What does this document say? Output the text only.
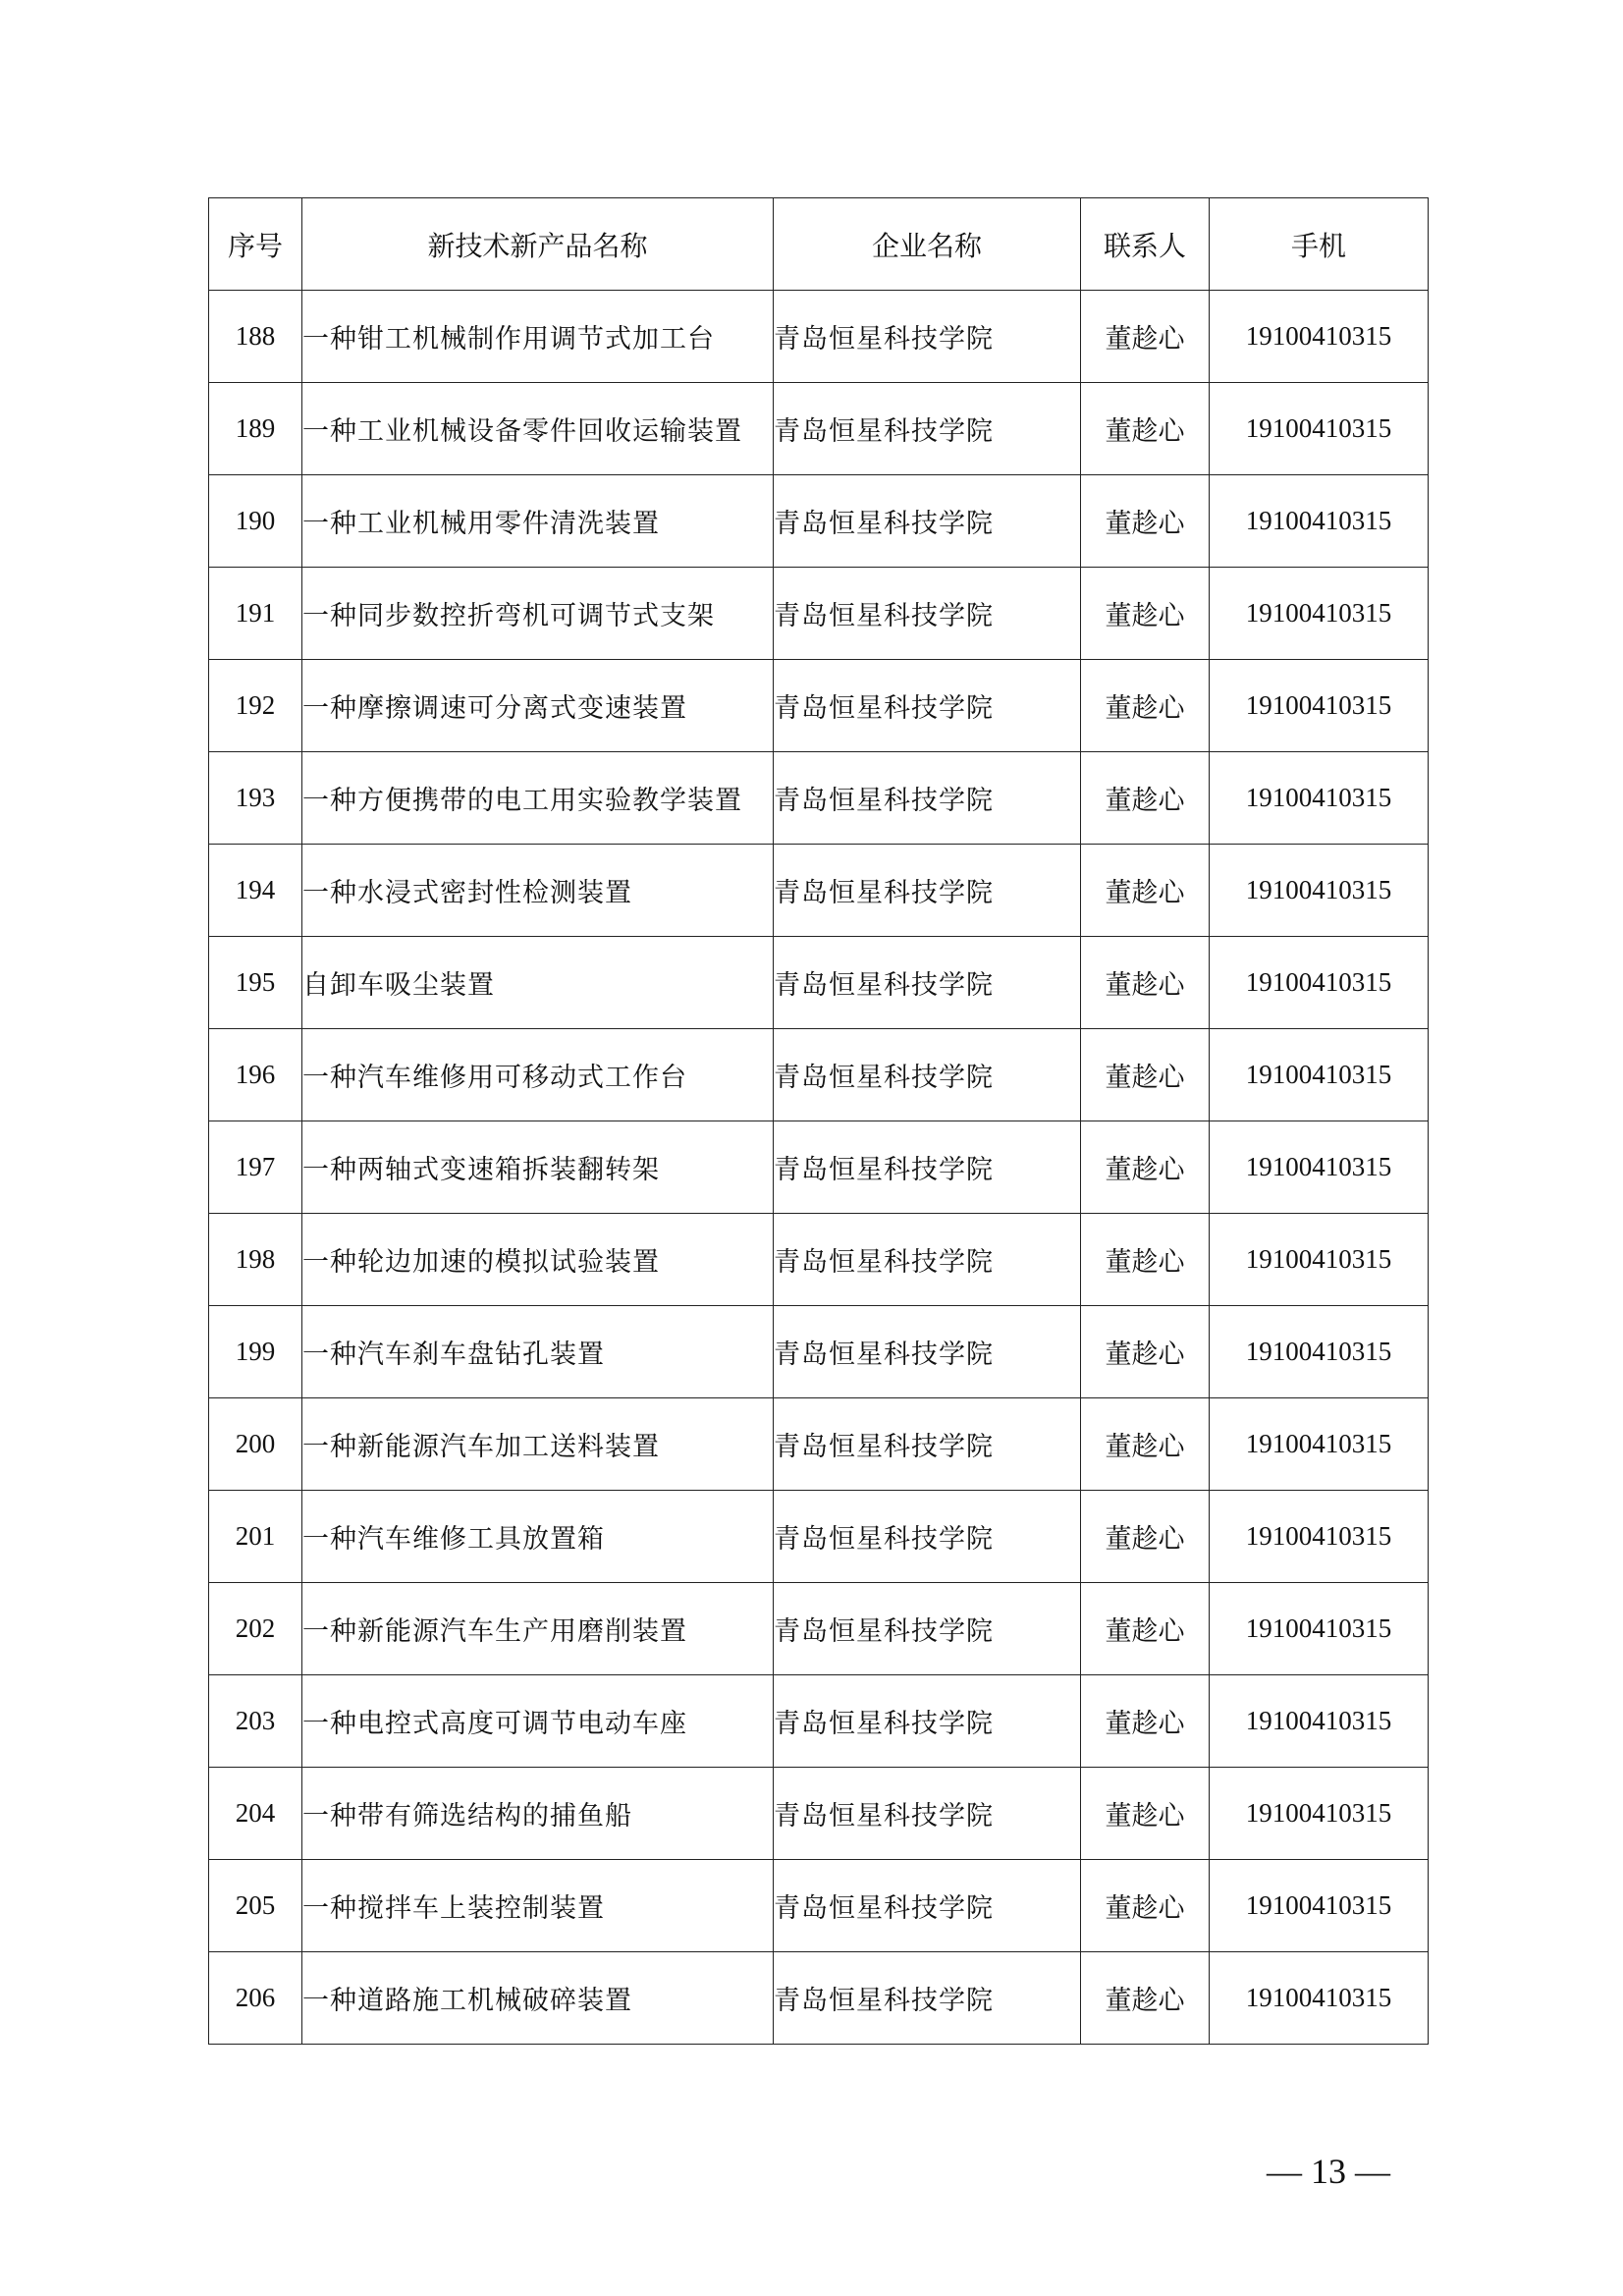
序号	新技术新产品名称	企业名称	联系人	手机
188	一种钳工机械制作用调节式加工台	青岛恒星科技学院	董趁心	19100410315
189	一种工业机械设备零件回收运输装置	青岛恒星科技学院	董趁心	19100410315
190	一种工业机械用零件清洗装置	青岛恒星科技学院	董趁心	19100410315
191	一种同步数控折弯机可调节式支架	青岛恒星科技学院	董趁心	19100410315
192	一种摩擦调速可分离式变速装置	青岛恒星科技学院	董趁心	19100410315
193	一种方便携带的电工用实验教学装置	青岛恒星科技学院	董趁心	19100410315
194	一种水浸式密封性检测装置	青岛恒星科技学院	董趁心	19100410315
195	自卸车吸尘装置	青岛恒星科技学院	董趁心	19100410315
196	一种汽车维修用可移动式工作台	青岛恒星科技学院	董趁心	19100410315
197	一种两轴式变速箱拆装翻转架	青岛恒星科技学院	董趁心	19100410315
198	一种轮边加速的模拟试验装置	青岛恒星科技学院	董趁心	19100410315
199	一种汽车刹车盘钻孔装置	青岛恒星科技学院	董趁心	19100410315
200	一种新能源汽车加工送料装置	青岛恒星科技学院	董趁心	19100410315
201	一种汽车维修工具放置箱	青岛恒星科技学院	董趁心	19100410315
202	一种新能源汽车生产用磨削装置	青岛恒星科技学院	董趁心	19100410315
203	一种电控式高度可调节电动车座	青岛恒星科技学院	董趁心	19100410315
204	一种带有筛选结构的捕鱼船	青岛恒星科技学院	董趁心	19100410315
205	一种搅拌车上装控制装置	青岛恒星科技学院	董趁心	19100410315
206	一种道路施工机械破碎装置	青岛恒星科技学院	董趁心	19100410315
— 13 —
